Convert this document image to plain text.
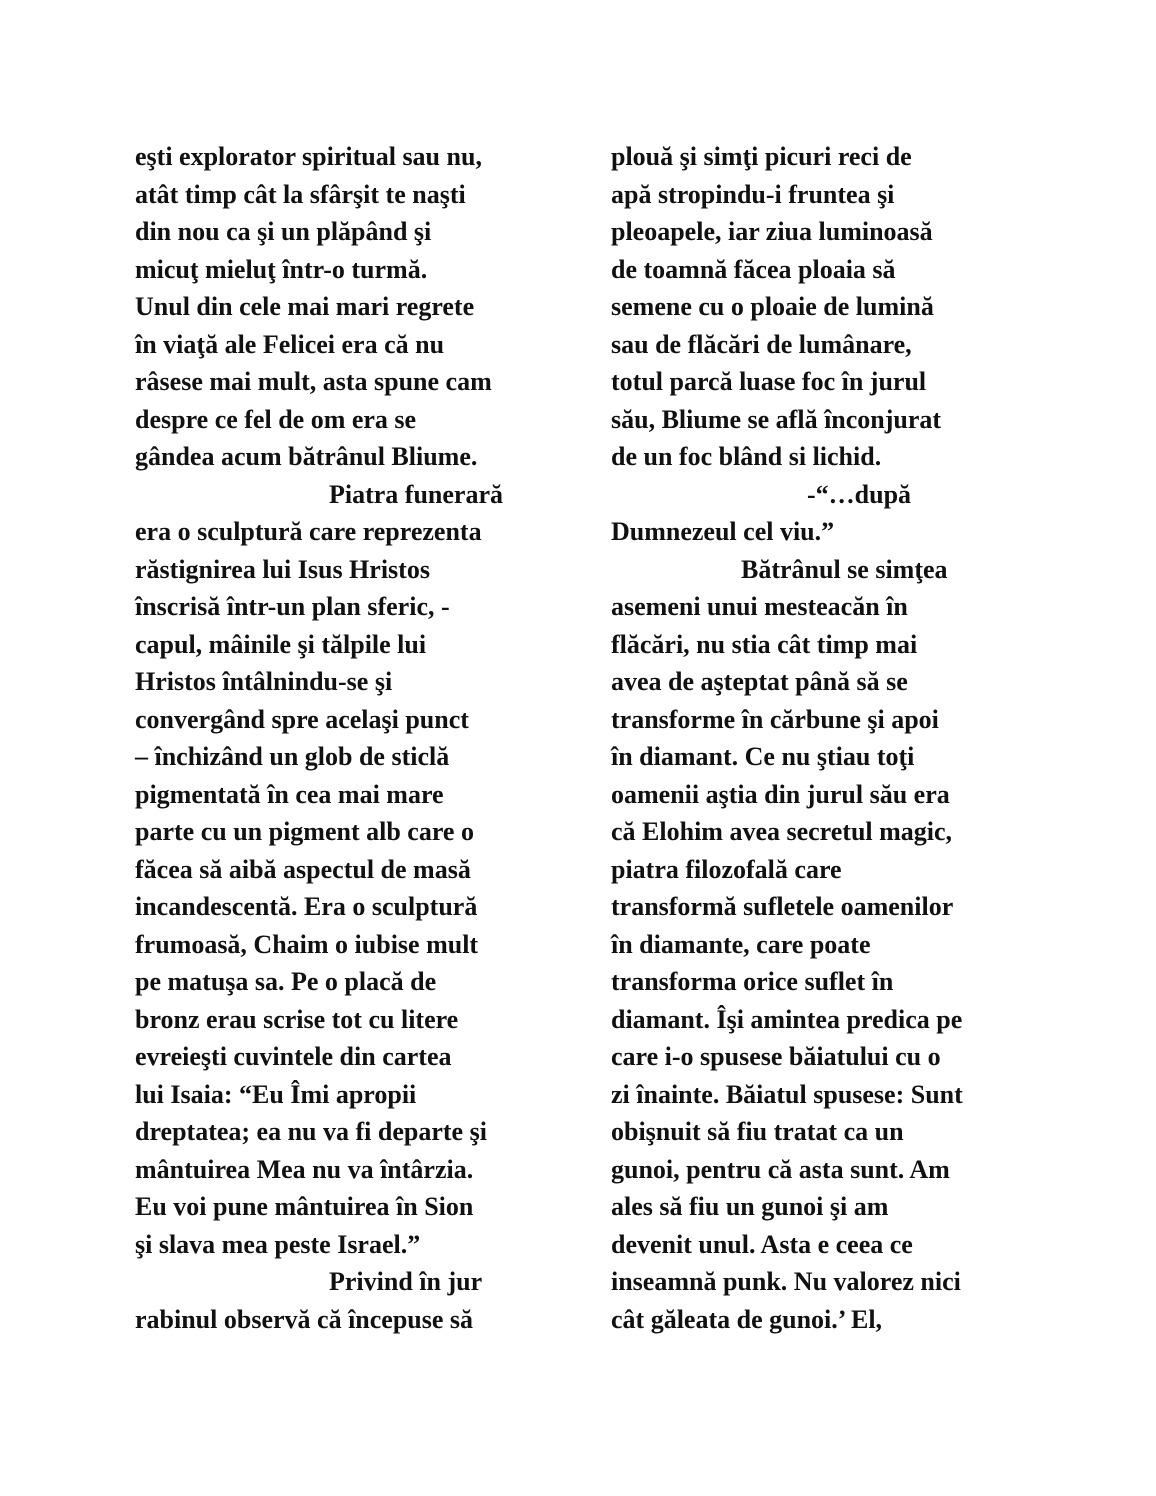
eşti explorator spiritual sau nu,
atât timp cât la sfârşit te naşti
din nou ca şi un plăpând şi
micuţ mieluţ într-o turmă.
Unul din cele mai mari regrete
în viaţă ale Felicei era că nu
râsese mai mult, asta spune cam
despre ce fel de om era se
gândea acum bătrânul Bliume.
Piatra funerară
era o sculptură care reprezenta
răstignirea lui Isus Hristos
înscrisă într-un plan sferic, -
capul, mâinile şi tălpile lui
Hristos întâlnindu-se şi
convergând spre acelaşi punct
– închizând un glob de sticlă
pigmentată în cea mai mare
parte cu un pigment alb care o
făcea să aibă aspectul de masă
incandescentă. Era o sculptură
frumoasă, Chaim o iubise mult
pe matuşa sa. Pe o placă de
bronz erau scrise tot cu litere
evreieşti cuvintele din cartea
lui Isaia: “Eu Îmi apropii
dreptatea; ea nu va fi departe şi
mântuirea Mea nu va întârzia.
Eu voi pune mântuirea în Sion
şi slava mea peste Israel.”
Privind în jur
rabinul observă că începuse să
plouă şi simţi picuri reci de
apă stropindu-i fruntea şi
pleoapele, iar ziua luminoasă
de toamnă făcea ploaia să
semene cu o ploaie de lumină
sau de flăcări de lumânare,
totul parcă luase foc în jurul
său, Bliume se află înconjurat
de un foc blând si lichid.
-“…după
Dumnezeul cel viu.”
Bătrânul se simţea
asemeni unui mesteacăn în
flăcări, nu stia cât timp mai
avea de aşteptat până să se
transforme în cărbune şi apoi
în diamant. Ce nu ştiau toţi
oamenii aştia din jurul său era
că Elohim avea secretul magic,
piatra filozofală care
transformă sufletele oamenilor
în diamante, care poate
transforma orice suflet în
diamant. Îşi amintea predica pe
care i-o spusese băiatului cu o
zi înainte. Băiatul spusese: Sunt
obişnuit să fiu tratat ca un
gunoi, pentru că asta sunt. Am
ales să fiu un gunoi şi am
devenit unul. Asta e ceea ce
inseamnă punk. Nu valorez nici
cât găleata de gunoi.’ El,
